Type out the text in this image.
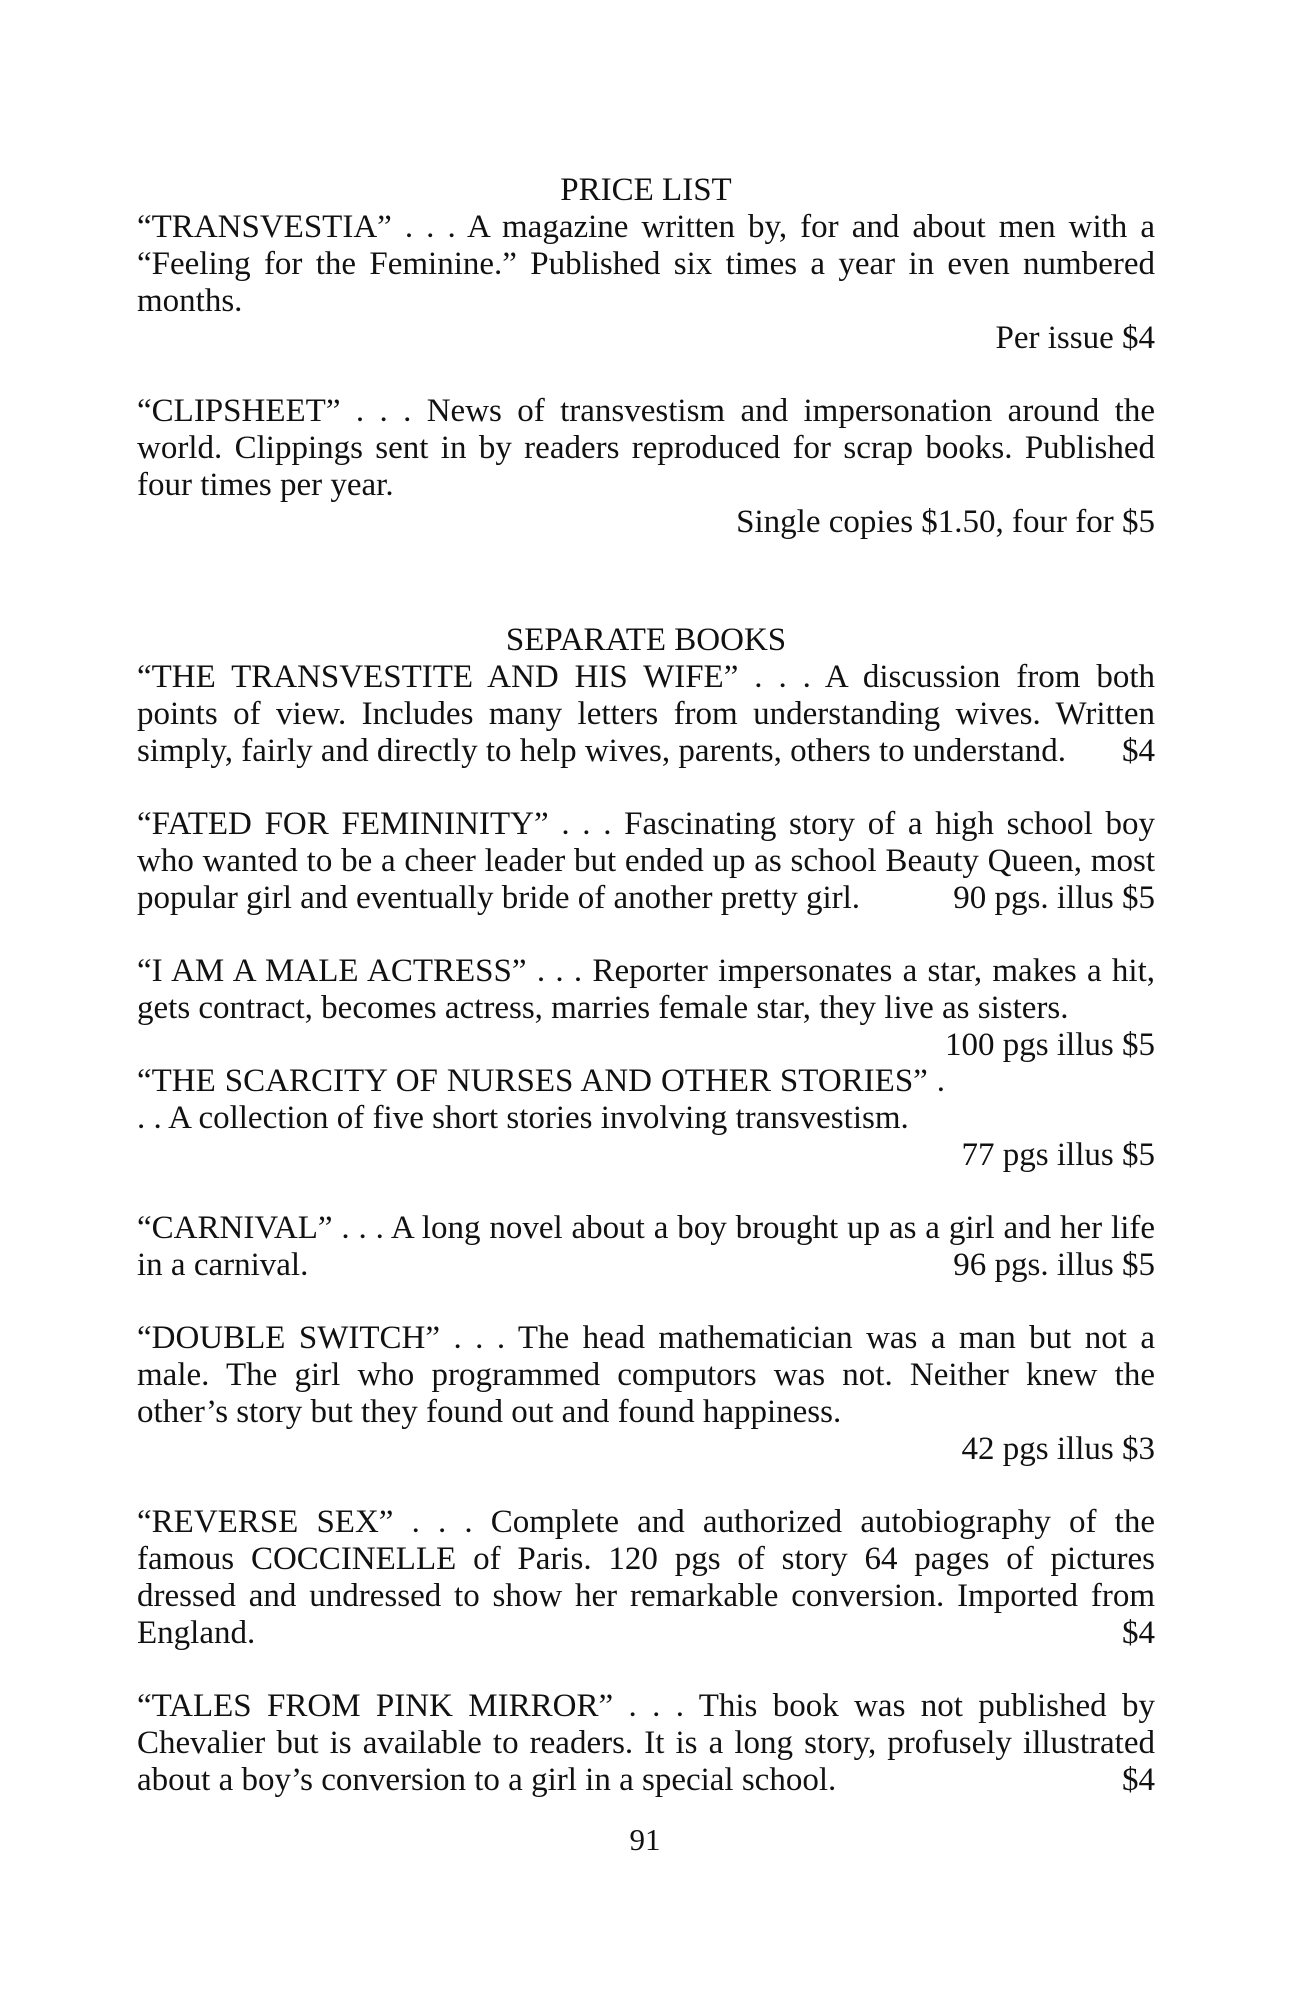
PRICE LIST

“TRANSVESTIA” . . . A magazine written by, for and about men with a “Feeling for the Feminine.” Published six times a year in even numbered months.

Per issue $4

“CLIPSHEET” . . . News of transvestism and impersonation around the world. Clippings sent in by readers reproduced for scrap books. Published four times per year.

Single copies $1.50, four for $5

SEPARATE BOOKS

“THE TRANSVESTITE AND HIS WIFE” . . . A discussion from both points of view. Includes many letters from understanding wives. Written simply, fairly and directly to help wives, parents, others to understand. $4

“FATED FOR FEMININITY” . . . Fascinating story of a high school boy who wanted to be a cheer leader but ended up as school Beauty Queen, most popular girl and eventually bride of another pretty girl.	90 pgs. illus $5

“I AM A MALE ACTRESS” . . . Reporter impersonates a star, makes a hit, gets contract, becomes actress, marries female star, they live as sisters.
100 pgs illus $5

“THE SCARCITY OF NURSES AND OTHER STORIES” . . . A collection of five short stories involving transvestism.

77 pgs illus $5

“CARNIVAL” . . . A long novel about a boy brought up as a girl and her life in a carnival.	96 pgs. illus $5

“DOUBLE SWITCH” . . . The head mathematician was a man but not a male. The girl who programmed computors was not. Neither knew the other’s story but they found out and found happiness.

42 pgs illus $3

“REVERSE SEX” . . . Complete and authorized autobiography of the famous COCCINELLE of Paris. 120 pgs of story 64 pages of pictures dressed and undressed to show her remarkable conversion. Imported from England.	$4

“TALES FROM PINK MIRROR” . . . This book was not published by Chevalier but is available to readers. It is a long story, profusely illustrated about a boy’s conversion to a girl in a special school.	$4

91
